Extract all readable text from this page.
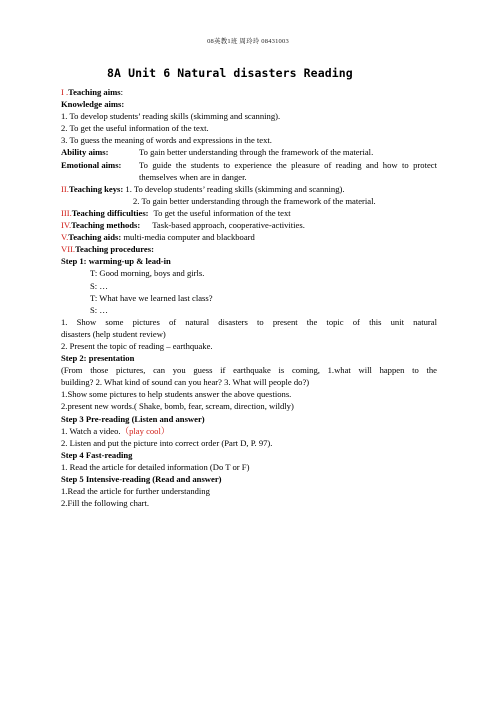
08英教1班 周玲玲 08431003
8A Unit 6 Natural disasters Reading
I .Teaching aims:
Knowledge aims:
1. To develop students’ reading skills (skimming and scanning).
2. To get the useful information of the text.
3. To guess the meaning of words and expressions in the text.
Ability aims:	To gain better understanding through the framework of the material.
Emotional aims:	To guide the students to experience the pleasure of reading and how to protect themselves when are in danger.
II.Teaching keys: 1. To develop students’ reading skills (skimming and scanning).
2. To gain better understanding through the framework of the material.
III.Teaching difficulties: To get the useful information of the text
IV.Teaching methods: Task-based approach, cooperative-activities.
V.Teaching aids: multi-media computer and blackboard
VII.Teaching procedures:
Step 1: warming-up & lead-in
T: Good morning, boys and girls.
S: …
T: What have we learned last class?
S: …
1. Show some pictures of natural disasters to present the topic of this unit natural
disasters (help student review)
2. Present the topic of reading – earthquake.
Step 2: presentation
(From those pictures, can you guess if earthquake is coming, 1.what will happen to the
building? 2. What kind of sound can you hear? 3. What will people do?)
1.Show some pictures to help students answer the above questions.
2.present new words.( Shake, bomb, fear, scream, direction, wildly)
Step 3 Pre-reading (Listen and answer)
1. Watch a video.（play cool）
2. Listen and put the picture into correct order (Part D, P. 97).
Step 4 Fast-reading
1. Read the article for detailed information (Do T or F)
Step 5 Intensive-reading (Read and answer)
1.Read the article for further understanding
2.Fill the following chart.
